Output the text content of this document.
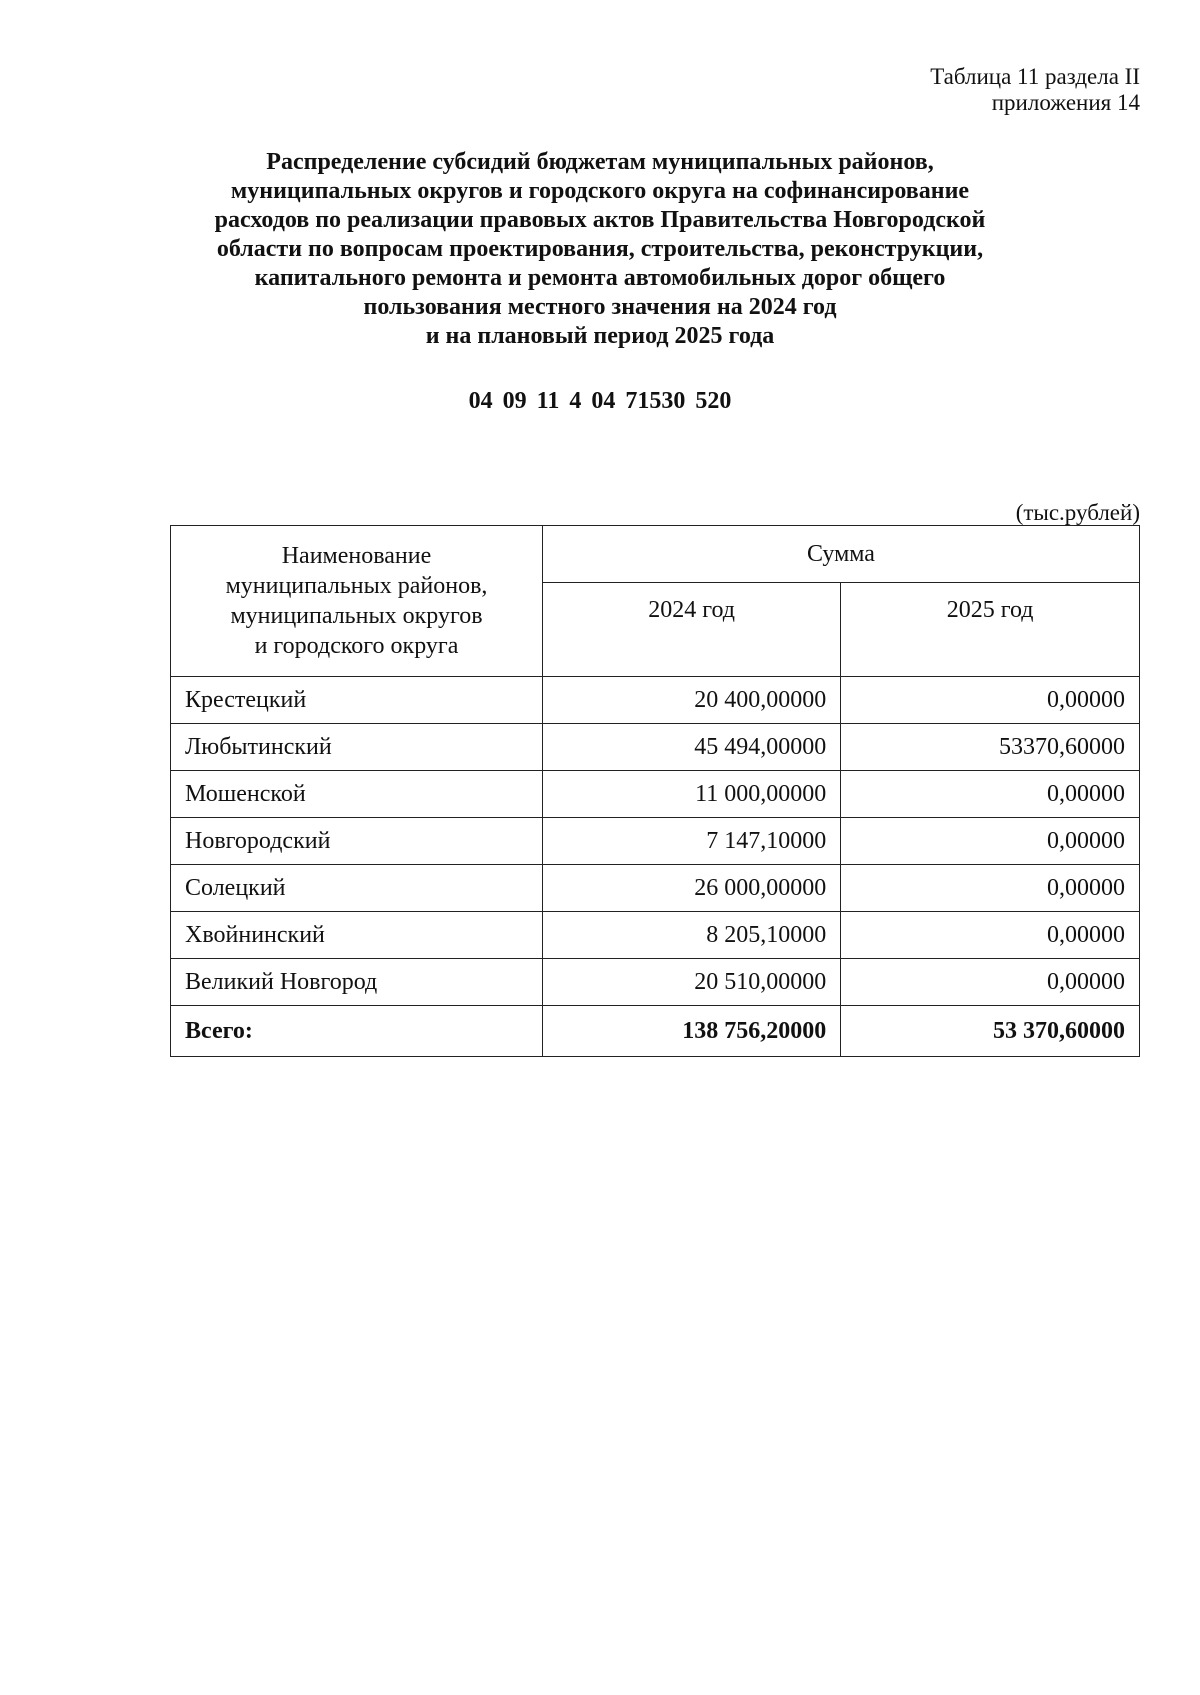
Таблица 11 раздела II
приложения 14
Распределение субсидий бюджетам муниципальных районов,
муниципальных округов и городского округа на софинансирование
расходов по реализации правовых актов Правительства Новгородской
области по вопросам проектирования, строительства, реконструкции,
капитального ремонта и ремонта автомобильных дорог общего
пользования местного значения на 2024 год
и на плановый период 2025 года
04 09 11 4 04 71530 520
(тыс.рублей)
Наименование
муниципальных районов,
муниципальных округов
и городского округа	Сумма	
	2024 год	2025 год
Крестецкий	20 400,00000	0,00000
Любытинский	45 494,00000	53370,60000
Мошенской	11 000,00000	0,00000
Новгородский	7 147,10000	0,00000
Солецкий	26 000,00000	0,00000
Хвойнинский	8 205,10000	0,00000
Великий Новгород	20 510,00000	0,00000
Всего:	138 756,20000	53 370,60000
